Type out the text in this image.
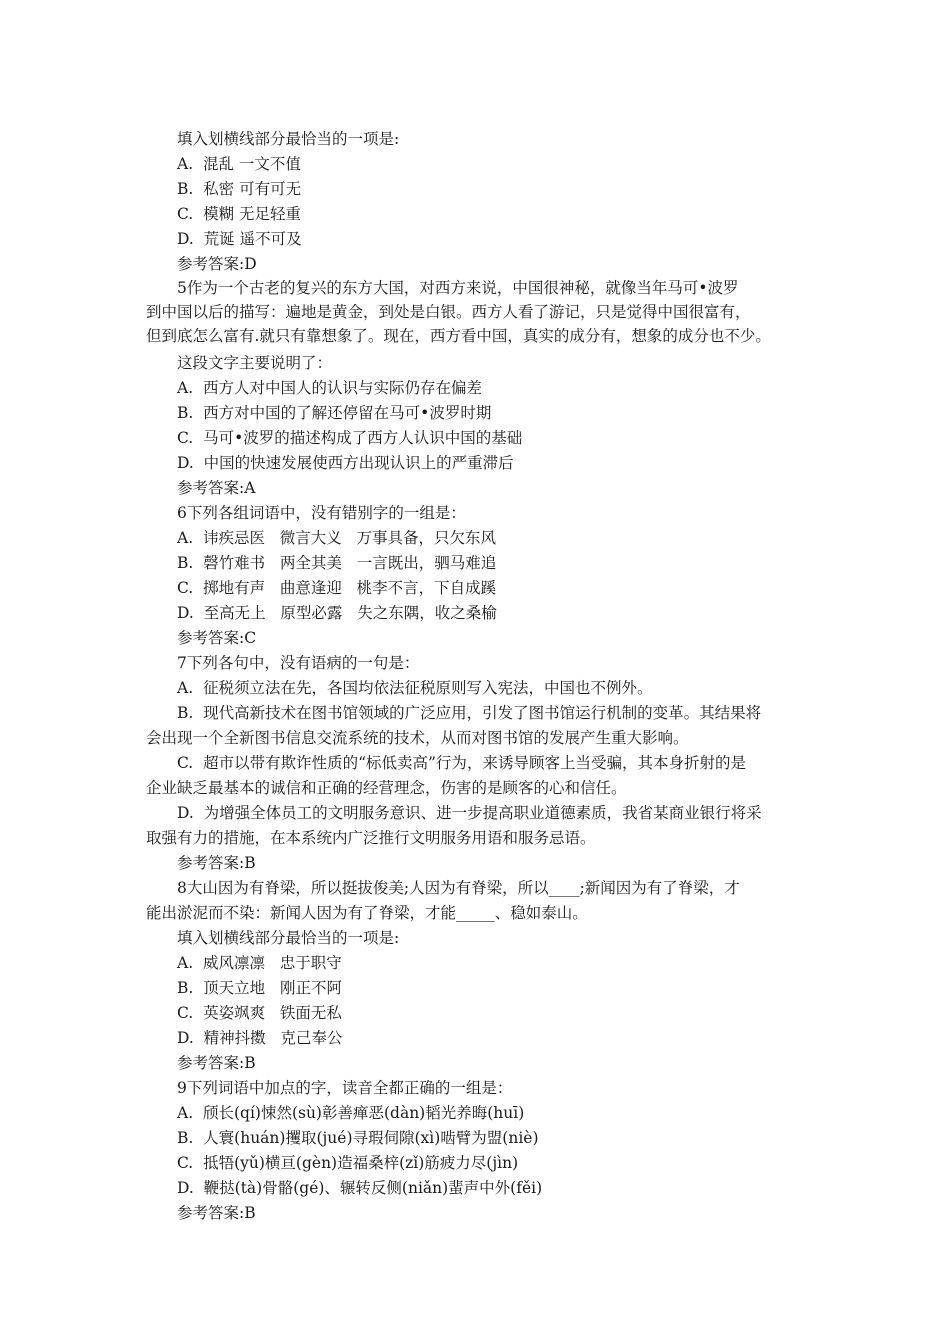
填入划横线部分最恰当的一项是:
A.  混乱 一文不值
B.  私密 可有可无
C.  模糊 无足轻重
D.  荒诞 遥不可及
参考答案:D
5作为一个古老的复兴的东方大国，对西方来说，中国很神秘，就像当年马可•波罗
到中国以后的描写：遍地是黄金，到处是白银。西方人看了游记，只是觉得中国很富有，
但到底怎么富有.就只有靠想象了。现在，西方看中国，真实的成分有，想象的成分也不少。
这段文字主要说明了：
A.  西方人对中国人的认识与实际仍存在偏差
B.  西方对中国的了解还停留在马可•波罗时期
C.  马可•波罗的描述构成了西方人认识中国的基础
D.  中国的快速发展使西方出现认识上的严重滞后
参考答案:A
6下列各组词语中，没有错别字的一组是：
A.  讳疾忌医   微言大义   万事具备，只欠东风
B.  磬竹难书   两全其美   一言既出，驷马难追
C.  掷地有声   曲意逢迎   桃李不言，下自成蹊
D.  至高无上   原型必露   失之东隅，收之桑榆
参考答案:C
7下列各句中，没有语病的一句是：
A.  征税须立法在先，各国均依法征税原则写入宪法，中国也不例外。
B.  现代高新技术在图书馆领域的广泛应用，引发了图书馆运行机制的变革。其结果将
会出现一个全新图书信息交流系统的技术，从而对图书馆的发展产生重大影响。
C.  超市以带有欺诈性质的“标低卖高”行为，来诱导顾客上当受骗，其本身折射的是
企业缺乏最基本的诚信和正确的经营理念，伤害的是顾客的心和信任。
D.  为增强全体员工的文明服务意识、进一步提高职业道德素质，我省某商业银行将采
取强有力的措施，在本系统内广泛推行文明服务用语和服务忌语。
参考答案:B
8大山因为有脊梁，所以挺拔俊美;人因为有脊梁，所以____;新闻因为有了脊梁，才
能出淤泥而不染：新闻人因为有了脊梁，才能_____、稳如泰山。
填入划横线部分最恰当的一项是:
A.  威风凛凛   忠于职守
B.  顶天立地   刚正不阿
C.  英姿飒爽   铁面无私
D.  精神抖擞   克己奉公
参考答案:B
9下列词语中加点的字，读音全都正确的一组是：
A.  颀长(qí)悚然(sù)彰善瘅恶(dàn)韬光养晦(huī)
B.  人寰(huán)攫取(jué)寻瑕伺隙(xì)啮臂为盟(niè)
C.  抵牾(yǔ)横亘(gèn)造福桑梓(zǐ)筋疲力尽(jìn)
D.  鞭挞(tà)骨骼(gé)、辗转反侧(niǎn)蜚声中外(fěi)
参考答案:B
